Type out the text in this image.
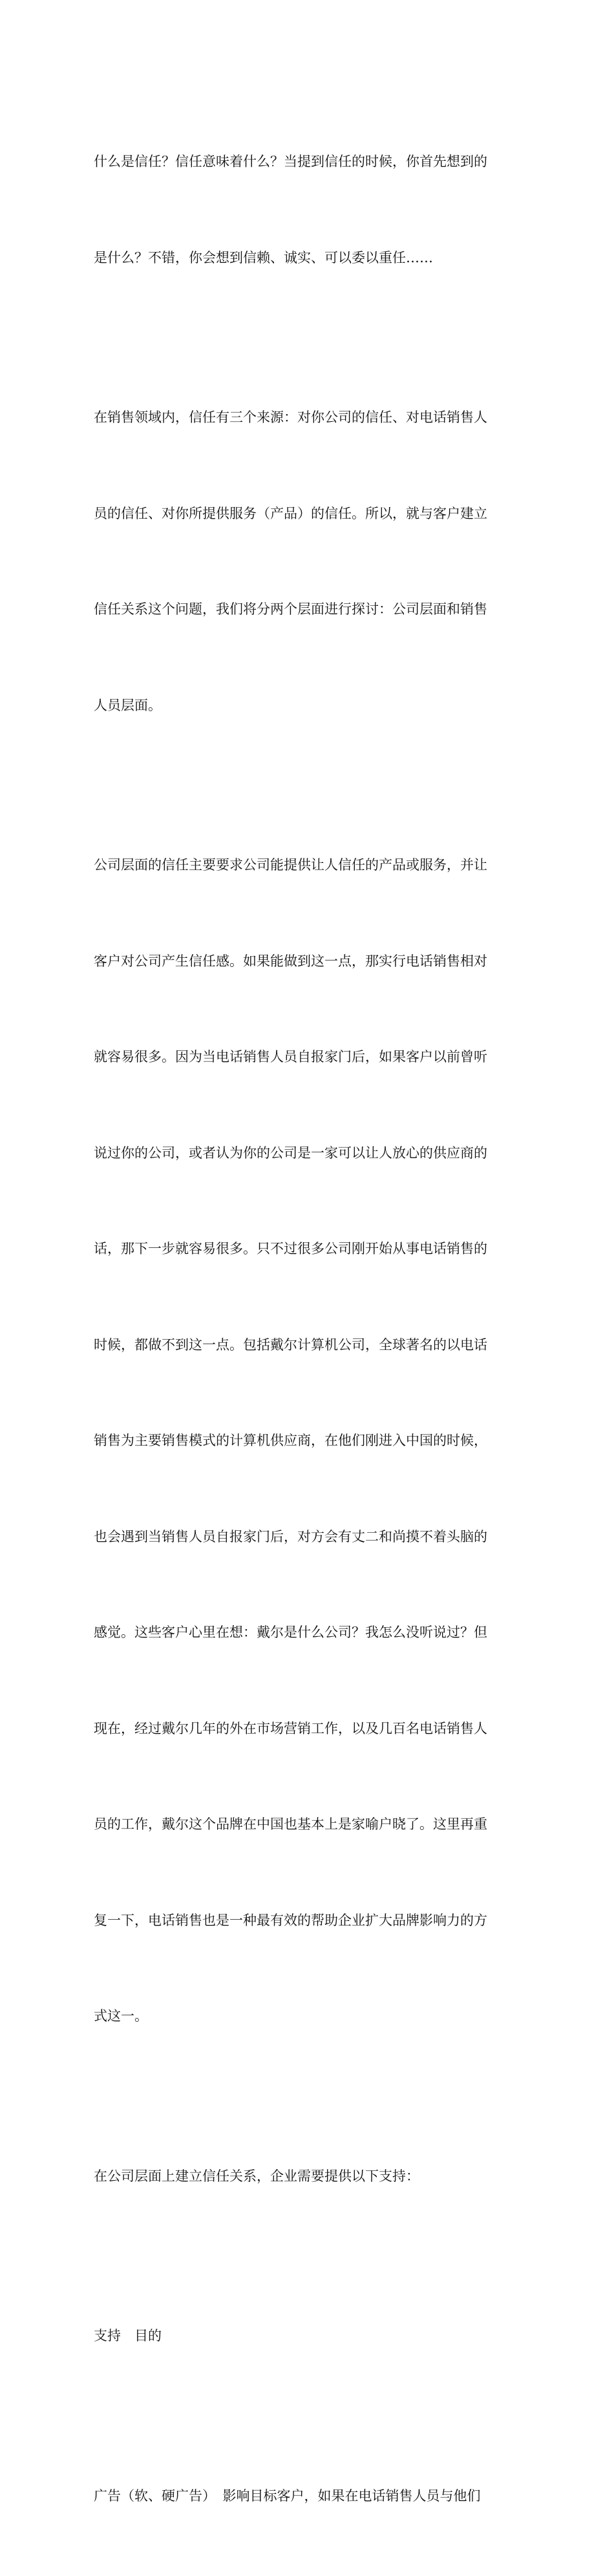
什么是信任？信任意味着什么？当提到信任的时候，你首先想到的

是什么？不错，你会想到信赖、诚实、可以委以重任……

在销售领域内，信任有三个来源：对你公司的信任、对电话销售人

员的信任、对你所提供服务（产品）的信任。所以，就与客户建立

信任关系这个问题，我们将分两个层面进行探讨：公司层面和销售

人员层面。

公司层面的信任主要要求公司能提供让人信任的产品或服务，并让

客户对公司产生信任感。如果能做到这一点，那实行电话销售相对

就容易很多。因为当电话销售人员自报家门后，如果客户以前曾听

说过你的公司，或者认为你的公司是一家可以让人放心的供应商的

话，那下一步就容易很多。只不过很多公司刚开始从事电话销售的

时候，都做不到这一点。包括戴尔计算机公司，全球著名的以电话

销售为主要销售模式的计算机供应商，在他们刚进入中国的时候，

也会遇到当销售人员自报家门后，对方会有丈二和尚摸不着头脑的

感觉。这些客户心里在想：戴尔是什么公司？我怎么没听说过？但

现在，经过戴尔几年的外在市场营销工作，以及几百名电话销售人

员的工作，戴尔这个品牌在中国也基本上是家喻户晓了。这里再重

复一下，电话销售也是一种最有效的帮助企业扩大品牌影响力的方

式这一。

在公司层面上建立信任关系，企业需要提供以下支持：

支持　目的

广告（软、硬广告）　影响目标客户，如果在电话销售人员与他们
